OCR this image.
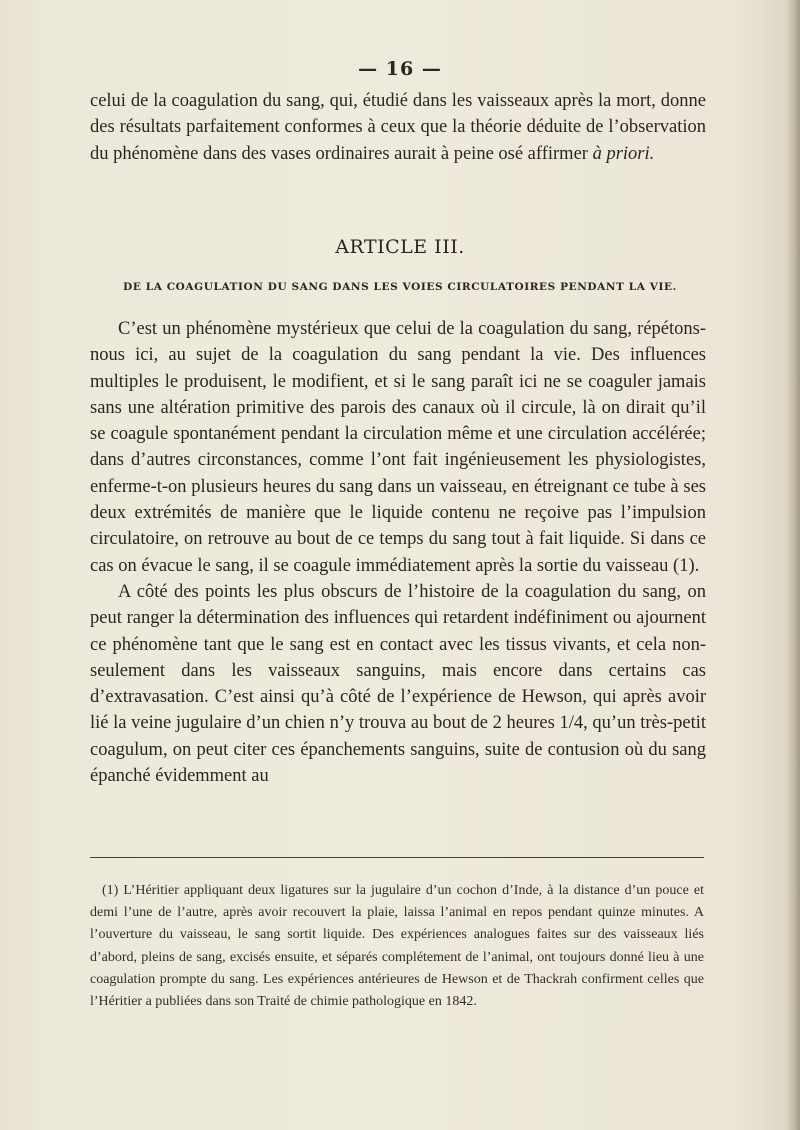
— 16 —

celui de la coagulation du sang, qui, étudié dans les vaisseaux après la mort, donne des résultats parfaitement conformes à ceux que la théorie déduite de l’observation du phénomène dans des vases ordinaires aurait à peine osé affirmer à priori.

ARTICLE III.
DE LA COAGULATION DU SANG DANS LES VOIES CIRCULATOIRES PENDANT LA VIE.

C’est un phénomène mystérieux que celui de la coagulation du sang, répétons-nous ici, au sujet de la coagulation du sang pendant la vie. Des influences multiples le produisent, le modifient, et si le sang paraît ici ne se coaguler jamais sans une altération primitive des parois des canaux où il circule, là on dirait qu’il se coagule spontanément pendant la circulation même et une circulation accélérée; dans d’autres circonstances, comme l’ont fait ingénieusement les physiologistes, enferme-t-on plusieurs heures du sang dans un vaisseau, en étreignant ce tube à ses deux extrémités de manière que le liquide contenu ne reçoive pas l’impulsion circulatoire, on retrouve au bout de ce temps du sang tout à fait liquide. Si dans ce cas on évacue le sang, il se coagule immédiatement après la sortie du vaisseau (1).

A côté des points les plus obscurs de l’histoire de la coagulation du sang, on peut ranger la détermination des influences qui retardent indéfiniment ou ajournent ce phénomène tant que le sang est en contact avec les tissus vivants, et cela non-seulement dans les vaisseaux sanguins, mais encore dans certains cas d’extravasation. C’est ainsi qu’à côté de l’expérience de Hewson, qui après avoir lié la veine jugulaire d’un chien n’y trouva au bout de 2 heures 1/4, qu’un très-petit coagulum, on peut citer ces épanchements sanguins, suite de contusion où du sang épanché évidemment au

(1) L’Héritier appliquant deux ligatures sur la jugulaire d’un cochon d’Inde, à la distance d’un pouce et demi l’une de l’autre, après avoir recouvert la plaie, laissa l’animal en repos pendant quinze minutes. A l’ouverture du vaisseau, le sang sortit liquide. Des expériences analogues faites sur des vaisseaux liés d’abord, pleins de sang, excisés ensuite, et séparés complétement de l’animal, ont toujours donné lieu à une coagulation prompte du sang. Les expériences antérieures de Hewson et de Thackrah confirment celles que l’Héritier a publiées dans son Traité de chimie pathologique en 1842.
